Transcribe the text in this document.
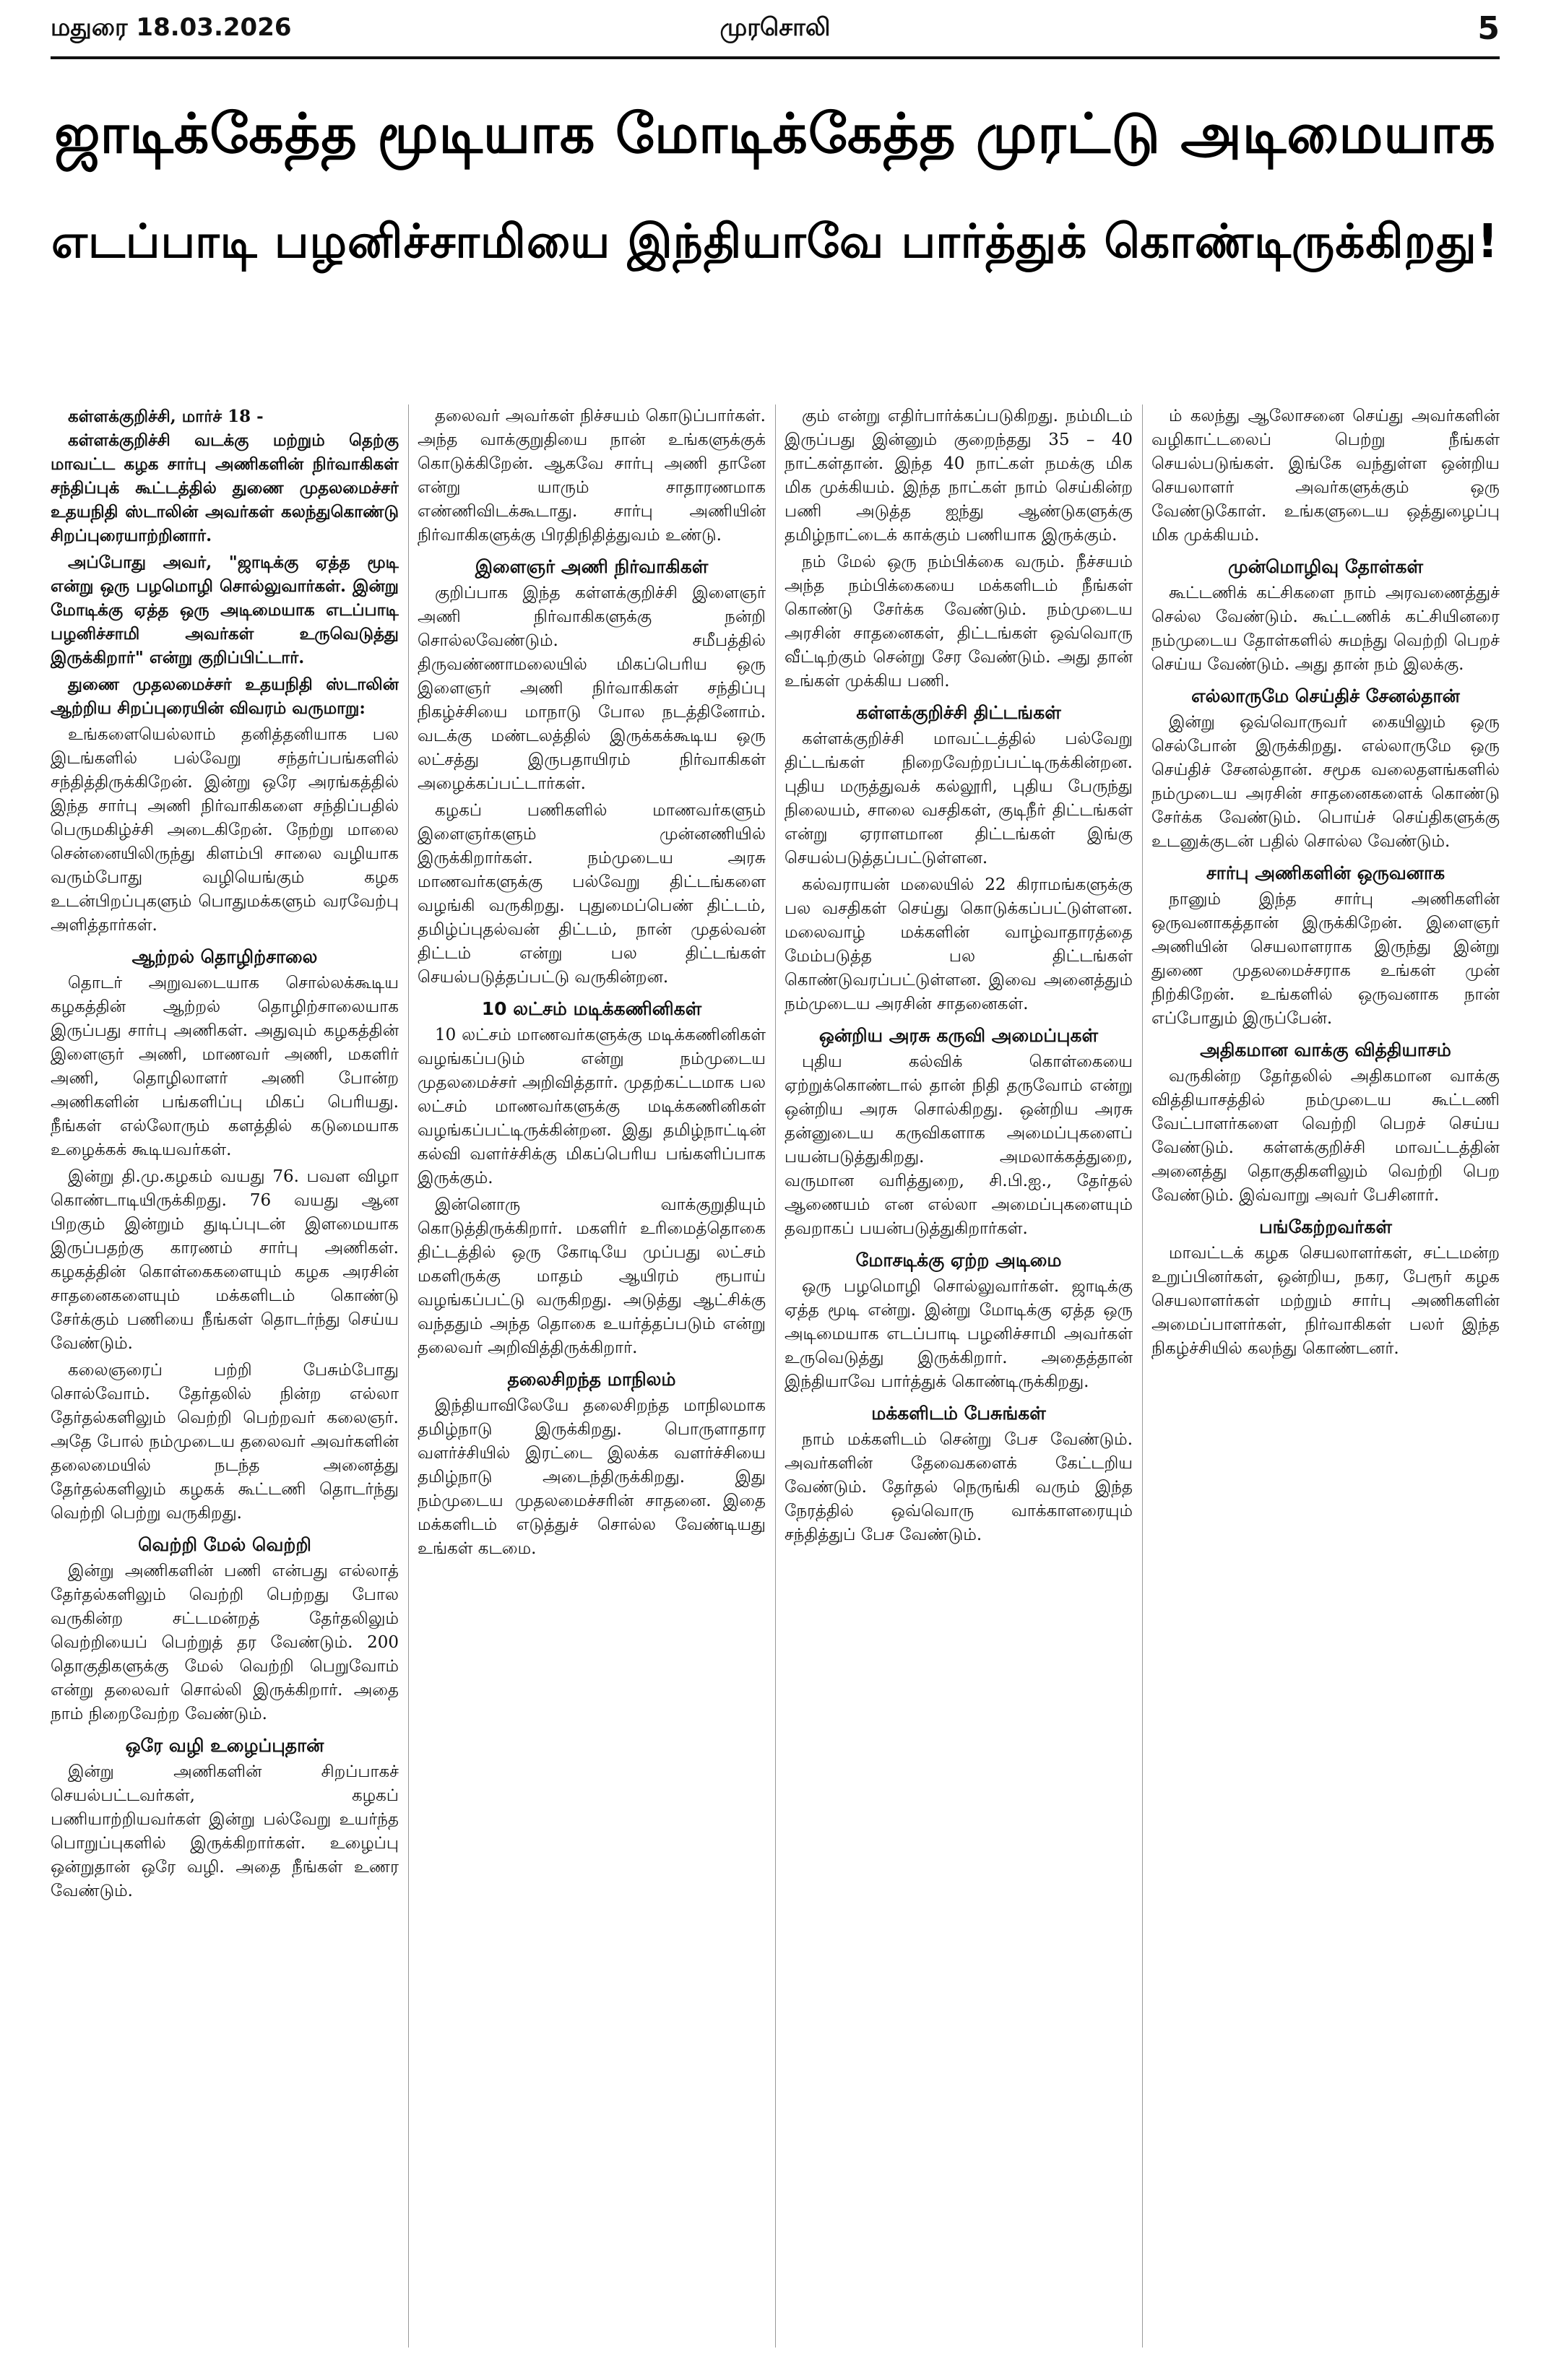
மதுரை 18.03.2026	முரசொலி	5
ஜாடிக்கேத்த மூடியாக மோடிக்கேத்த முரட்டு அடிமையாக
எடப்பாடி பழனிச்சாமியை இந்தியாவே பார்த்துக் கொண்டிருக்கிறது!
கள்ளக்குறிச்சி, மார்ச் 18 -

கள்ளக்குறிச்சி வடக்கு மற்றும் தெற்கு மாவட்ட கழக சார்பு அணிகளின் நிர்வாகிகள் சந்திப்புக் கூட்டத்தில் துணை முதலமைச்சர் உதயநிதி ஸ்டாலின் அவர்கள் கலந்துகொண்டு சிறப்புரையாற்றினார்.

அப்போது அவர், "ஜாடிக்கு ஏத்த மூடி என்று ஒரு பழமொழி சொல்லுவார்கள். இன்று மோடிக்கு ஏத்த ஒரு அடிமையாக எடப்பாடி பழனிச்சாமி அவர்கள் உருவெடுத்து இருக்கிறார்" என்று குறிப்பிட்டார்.

துணை முதலமைச்சர் உதயநிதி ஸ்டாலின் ஆற்றிய சிறப்புரையின் விவரம் வருமாறு:

உங்களையெல்லாம் தனித்தனியாக பல இடங்களில் பல்வேறு சந்தர்ப்பங்களில் சந்தித்திருக்கிறேன். இன்று ஒரே அரங்கத்தில் இந்த சார்பு அணி நிர்வாகிகளை சந்திப்பதில் பெருமகிழ்ச்சி அடைகிறேன். நேற்று மாலை சென்னையிலிருந்து கிளம்பி சாலை வழியாக வரும்போது வழியெங்கும் கழக உடன்பிறப்புகளும் பொதுமக்களும் வரவேற்பு அளித்தார்கள்.

ஆற்றல் தொழிற்சாலை

தொடர் அறுவடையாக சொல்லக்கூடிய கழகத்தின் ஆற்றல் தொழிற்சாலையாக இருப்பது சார்பு அணிகள். அதுவும் கழகத்தின் இளைஞர் அணி, மாணவர் அணி, மகளிர் அணி, தொழிலாளர் அணி போன்ற அணிகளின் பங்களிப்பு மிகப் பெரியது. நீங்கள் எல்லோரும் களத்தில் கடுமையாக உழைக்கக் கூடியவர்கள்.

இன்று தி.மு.கழகம் வயது 76. பவள விழா கொண்டாடியிருக்கிறது. 76 வயது ஆன பிறகும் இன்றும் துடிப்புடன் இளமையாக இருப்பதற்கு காரணம் சார்பு அணிகள். கழகத்தின் கொள்கைகளையும் கழக அரசின் சாதனைகளையும் மக்களிடம் கொண்டு சேர்க்கும் பணியை நீங்கள் தொடர்ந்து செய்ய வேண்டும்.

கலைஞரைப் பற்றி பேசும்போது சொல்வோம். தேர்தலில் நின்ற எல்லா தேர்தல்களிலும் வெற்றி பெற்றவர் கலைஞர். அதே போல் நம்முடைய தலைவர் அவர்களின் தலைமையில் நடந்த அனைத்து தேர்தல்களிலும் கழகக் கூட்டணி தொடர்ந்து வெற்றி பெற்று வருகிறது.

வெற்றி மேல் வெற்றி

இன்று அணிகளின் பணி என்பது எல்லாத் தேர்தல்களிலும் வெற்றி பெற்றது போல வருகின்ற சட்டமன்றத் தேர்தலிலும் வெற்றியைப் பெற்றுத் தர வேண்டும். 200 தொகுதிகளுக்கு மேல் வெற்றி பெறுவோம் என்று தலைவர் சொல்லி இருக்கிறார். அதை நாம் நிறைவேற்ற வேண்டும்.

ஒரே வழி உழைப்புதான்

இன்று அணிகளின் சிறப்பாகச் செயல்பட்டவர்கள், கழகப் பணியாற்றியவர்கள் இன்று பல்வேறு உயர்ந்த பொறுப்புகளில் இருக்கிறார்கள். உழைப்பு ஒன்றுதான் ஒரே வழி. அதை நீங்கள் உணர வேண்டும்.

தலைவர் அவர்கள் நிச்சயம் கொடுப்பார்கள். அந்த வாக்குறுதியை நான் உங்களுக்குக் கொடுக்கிறேன். ஆகவே சார்பு அணி தானே என்று யாரும் சாதாரணமாக எண்ணிவிடக்கூடாது. சார்பு அணியின் நிர்வாகிகளுக்கு பிரதிநிதித்துவம் உண்டு.

இளைஞர் அணி நிர்வாகிகள்

குறிப்பாக இந்த கள்ளக்குறிச்சி இளைஞர் அணி நிர்வாகிகளுக்கு நன்றி சொல்லவேண்டும். சமீபத்தில் திருவண்ணாமலையில் மிகப்பெரிய ஒரு இளைஞர் அணி நிர்வாகிகள் சந்திப்பு நிகழ்ச்சியை மாநாடு போல நடத்தினோம். வடக்கு மண்டலத்தில் இருக்கக்கூடிய ஒரு லட்சத்து இருபதாயிரம் நிர்வாகிகள் அழைக்கப்பட்டார்கள்.

கழகப் பணிகளில் மாணவர்களும் இளைஞர்களும் முன்னணியில் இருக்கிறார்கள். நம்முடைய அரசு மாணவர்களுக்கு பல்வேறு திட்டங்களை வழங்கி வருகிறது. புதுமைப்பெண் திட்டம், தமிழ்ப்புதல்வன் திட்டம், நான் முதல்வன் திட்டம் என்று பல திட்டங்கள் செயல்படுத்தப்பட்டு வருகின்றன.

10 லட்சம் மடிக்கணினிகள்

10 லட்சம் மாணவர்களுக்கு மடிக்கணினிகள் வழங்கப்படும் என்று நம்முடைய முதலமைச்சர் அறிவித்தார். முதற்கட்டமாக பல லட்சம் மாணவர்களுக்கு மடிக்கணினிகள் வழங்கப்பட்டிருக்கின்றன. இது தமிழ்நாட்டின் கல்வி வளர்ச்சிக்கு மிகப்பெரிய பங்களிப்பாக இருக்கும்.

இன்னொரு வாக்குறுதியும் கொடுத்திருக்கிறார். மகளிர் உரிமைத்தொகை திட்டத்தில் ஒரு கோடியே முப்பது லட்சம் மகளிருக்கு மாதம் ஆயிரம் ரூபாய் வழங்கப்பட்டு வருகிறது. அடுத்து ஆட்சிக்கு வந்ததும் அந்த தொகை உயர்த்தப்படும் என்று தலைவர் அறிவித்திருக்கிறார்.

தலைசிறந்த மாநிலம்

இந்தியாவிலேயே தலைசிறந்த மாநிலமாக தமிழ்நாடு இருக்கிறது. பொருளாதார வளர்ச்சியில் இரட்டை இலக்க வளர்ச்சியை தமிழ்நாடு அடைந்திருக்கிறது. இது நம்முடைய முதலமைச்சரின் சாதனை. இதை மக்களிடம் எடுத்துச் சொல்ல வேண்டியது உங்கள் கடமை.

கும் என்று எதிர்பார்க்கப்படுகிறது. நம்மிடம் இருப்பது இன்னும் குறைந்தது 35 – 40 நாட்கள்தான். இந்த 40 நாட்கள் நமக்கு மிக மிக முக்கியம். இந்த நாட்கள் நாம் செய்கின்ற பணி அடுத்த ஐந்து ஆண்டுகளுக்கு தமிழ்நாட்டைக் காக்கும் பணியாக இருக்கும்.

நம் மேல் ஒரு நம்பிக்கை வரும். நீச்சயம் அந்த நம்பிக்கையை மக்களிடம் நீங்கள் கொண்டு சேர்க்க வேண்டும். நம்முடைய அரசின் சாதனைகள், திட்டங்கள் ஒவ்வொரு வீட்டிற்கும் சென்று சேர வேண்டும். அது தான் உங்கள் முக்கிய பணி.

கள்ளக்குறிச்சி திட்டங்கள்

கள்ளக்குறிச்சி மாவட்டத்தில் பல்வேறு திட்டங்கள் நிறைவேற்றப்பட்டிருக்கின்றன. புதிய மருத்துவக் கல்லூரி, புதிய பேருந்து நிலையம், சாலை வசதிகள், குடிநீர் திட்டங்கள் என்று ஏராளமான திட்டங்கள் இங்கு செயல்படுத்தப்பட்டுள்ளன.

கல்வராயன் மலையில் 22 கிராமங்களுக்கு பல வசதிகள் செய்து கொடுக்கப்பட்டுள்ளன. மலைவாழ் மக்களின் வாழ்வாதாரத்தை மேம்படுத்த பல திட்டங்கள் கொண்டுவரப்பட்டுள்ளன. இவை அனைத்தும் நம்முடைய அரசின் சாதனைகள்.

ஒன்றிய அரசு கருவி அமைப்புகள்

புதிய கல்விக் கொள்கையை ஏற்றுக்கொண்டால் தான் நிதி தருவோம் என்று ஒன்றிய அரசு சொல்கிறது. ஒன்றிய அரசு தன்னுடைய கருவிகளாக அமைப்புகளைப் பயன்படுத்துகிறது. அமலாக்கத்துறை, வருமான வரித்துறை, சி.பி.ஐ., தேர்தல் ஆணையம் என எல்லா அமைப்புகளையும் தவறாகப் பயன்படுத்துகிறார்கள்.

மோசடிக்கு ஏற்ற அடிமை

ஒரு பழமொழி சொல்லுவார்கள். ஜாடிக்கு ஏத்த மூடி என்று. இன்று மோடிக்கு ஏத்த ஒரு அடிமையாக எடப்பாடி பழனிச்சாமி அவர்கள் உருவெடுத்து இருக்கிறார். அதைத்தான் இந்தியாவே பார்த்துக் கொண்டிருக்கிறது.

மக்களிடம் பேசுங்கள்

நாம் மக்களிடம் சென்று பேச வேண்டும். அவர்களின் தேவைகளைக் கேட்டறிய வேண்டும். தேர்தல் நெருங்கி வரும் இந்த நேரத்தில் ஒவ்வொரு வாக்காளரையும் சந்தித்துப் பேச வேண்டும்.

ம் கலந்து ஆலோசனை செய்து அவர்களின் வழிகாட்டலைப் பெற்று நீங்கள் செயல்படுங்கள். இங்கே வந்துள்ள ஒன்றிய செயலாளர் அவர்களுக்கும் ஒரு வேண்டுகோள். உங்களுடைய ஒத்துழைப்பு மிக முக்கியம்.

முன்மொழிவு தோள்கள்

கூட்டணிக் கட்சிகளை நாம் அரவணைத்துச் செல்ல வேண்டும். கூட்டணிக் கட்சியினரை நம்முடைய தோள்களில் சுமந்து வெற்றி பெறச் செய்ய வேண்டும். அது தான் நம் இலக்கு.

எல்லாருமே செய்திச் சேனல்தான்

இன்று ஒவ்வொருவர் கையிலும் ஒரு செல்போன் இருக்கிறது. எல்லாருமே ஒரு செய்திச் சேனல்தான். சமூக வலைதளங்களில் நம்முடைய அரசின் சாதனைகளைக் கொண்டு சேர்க்க வேண்டும். பொய்ச் செய்திகளுக்கு உடனுக்குடன் பதில் சொல்ல வேண்டும்.

சார்பு அணிகளின் ஒருவனாக

நானும் இந்த சார்பு அணிகளின் ஒருவனாகத்தான் இருக்கிறேன். இளைஞர் அணியின் செயலாளராக இருந்து இன்று துணை முதலமைச்சராக உங்கள் முன் நிற்கிறேன். உங்களில் ஒருவனாக நான் எப்போதும் இருப்பேன்.

அதிகமான வாக்கு வித்தியாசம்

வருகின்ற தேர்தலில் அதிகமான வாக்கு வித்தியாசத்தில் நம்முடைய கூட்டணி வேட்பாளர்களை வெற்றி பெறச் செய்ய வேண்டும். கள்ளக்குறிச்சி மாவட்டத்தின் அனைத்து தொகுதிகளிலும் வெற்றி பெற வேண்டும். இவ்வாறு அவர் பேசினார்.

பங்கேற்றவர்கள்

மாவட்டக் கழக செயலாளர்கள், சட்டமன்ற உறுப்பினர்கள், ஒன்றிய, நகர, பேரூர் கழக செயலாளர்கள் மற்றும் சார்பு அணிகளின் அமைப்பாளர்கள், நிர்வாகிகள் பலர் இந்த நிகழ்ச்சியில் கலந்து கொண்டனர்.
